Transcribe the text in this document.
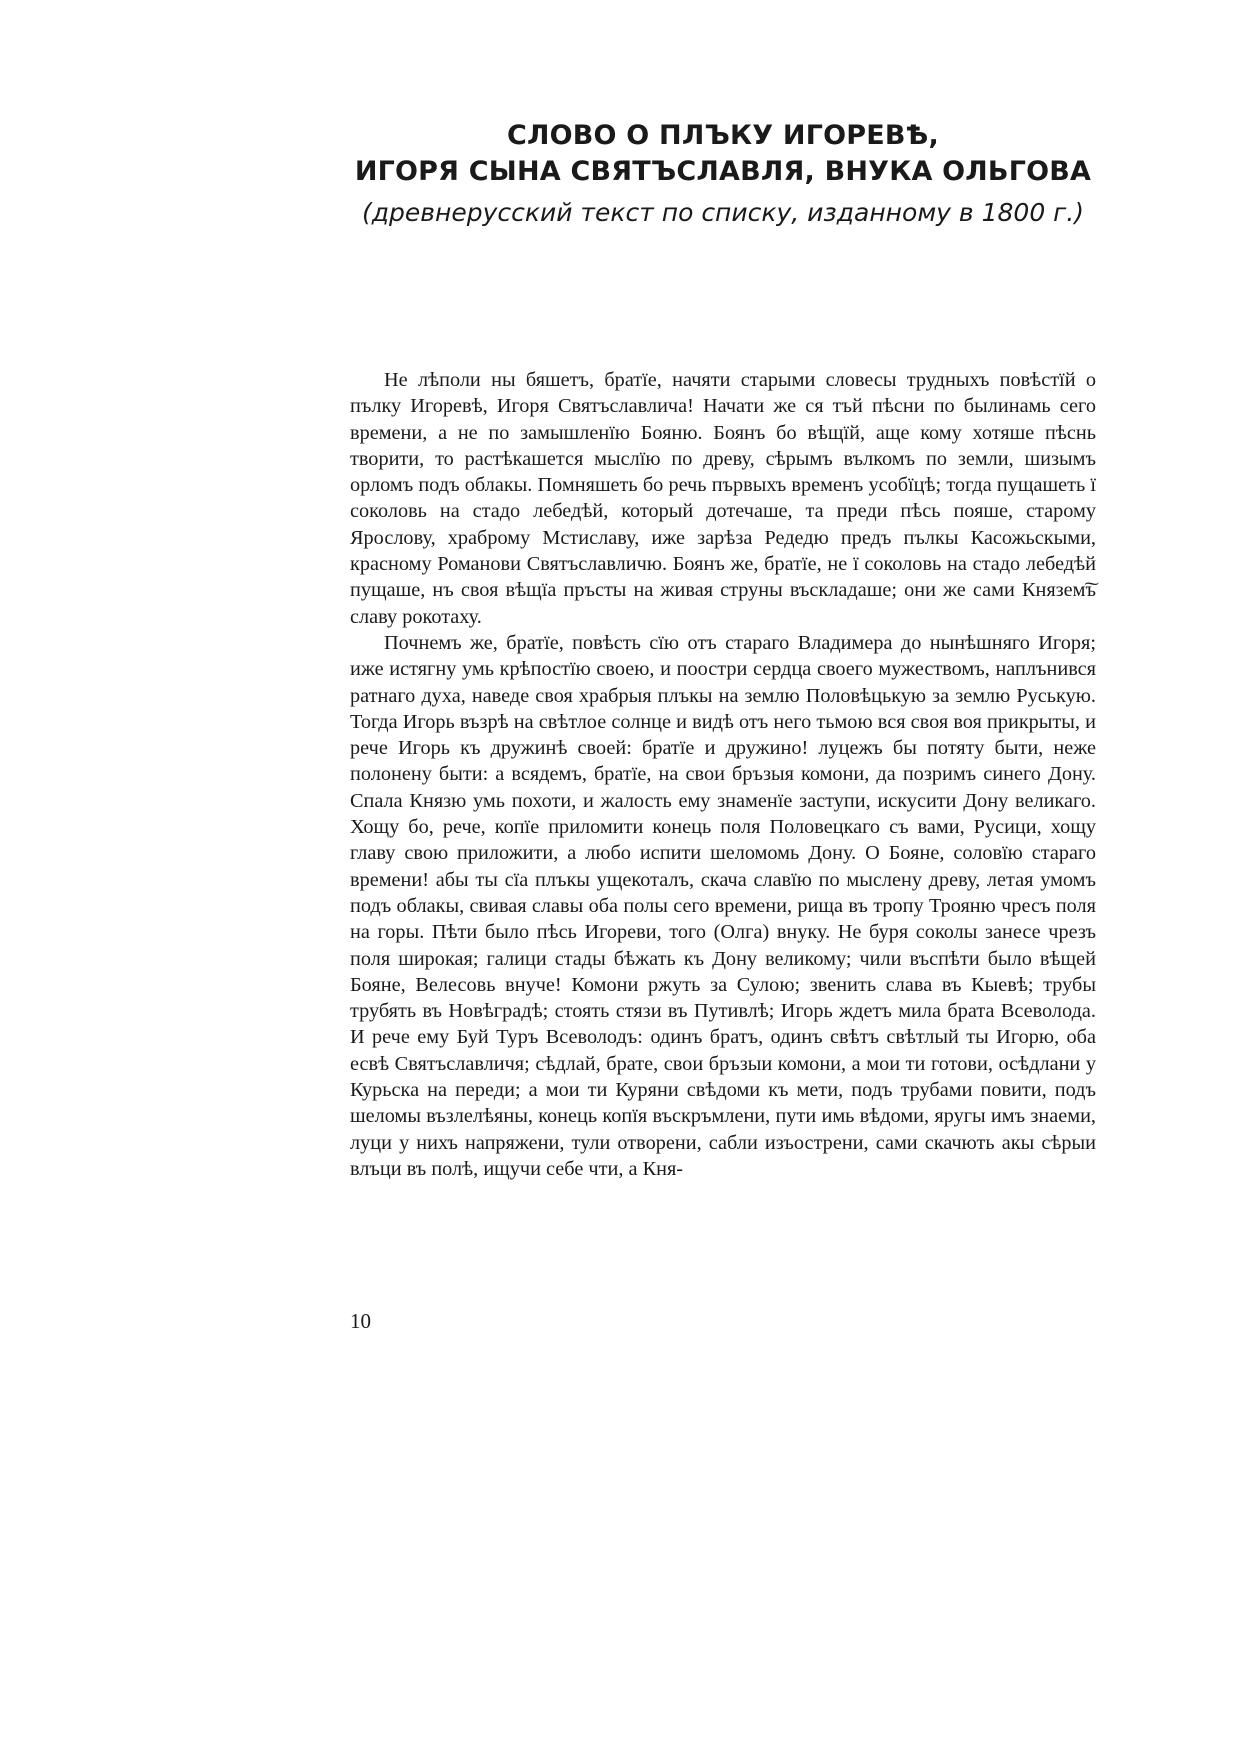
СЛОВО О ПЛЪКУ ИГОРЕВѢ,
ИГОРЯ СЫНА СВЯТЪСЛАВЛЯ, ВНУКА ОЛЬГОВА
(древнерусский текст по списку, изданному в 1800 г.)

Не лѣполи ны бяшетъ, братїе, начяти старыми словесы трудныхъ повѣстїй о пълку Игоревѣ, Игоря Святъславлича! Начати же ся тъй пѣсни по былинамь сего времени, а не по замышленїю Бояню. Боянъ бо вѣщїй, аще кому хотяше пѣснь творити, то растѣкашется мыслїю по древу, сѣрымъ вълкомъ по земли, шизымъ орломъ подъ облакы. Помняшеть бо речь първыхъ временъ усобїцѣ; тогда пущашеть ї соколовь на стадо лебедѣй, который дотечаше, та преди пѣсь пояше, старому Ярослову, храброму Мстиславу, иже зарѣза Редедю предъ пълкы Касожьскыми, красному Романови Святъславличю. Боянъ же, братїе, не ї соколовь на стадо лебедѣй пущаше, нъ своя вѣщїа пръсты на живая струны въскладаше; они же сами Князем͠ъ славу рокотаху.

Почнемъ же, братїе, повѣсть сїю отъ стараго Владимера до нынѣшняго Игоря; иже истягну умь крѣпостїю своею, и поостри сердца своего мужествомъ, наплънився ратнаго духа, наведе своя храбрыя плъкы на землю Половѣцькую за землю Руськую. Тогда Игорь възрѣ на свѣтлое солнце и видѣ отъ него тьмою вся своя воя прикрыты, и рече Игорь къ дружинѣ своей: братїе и дружино! луцежъ бы потяту быти, неже полонену быти: а всядемъ, братїе, на свои бръзыя комони, да позримъ синего Дону. Спала Князю умь похоти, и жалость ему знаменїе заступи, искусити Дону великаго. Хощу бо, рече, копїе приломити конець поля Половецкаго съ вами, Русици, хощу главу свою приложити, а любо испити шеломомь Дону. О Бояне, соловїю стараго времени! абы ты сїа плъкы ущекоталъ, скача славїю по мыслену древу, летая умомъ подъ облакы, свивая славы оба полы сего времени, рища въ тропу Трояню чресъ поля на горы. Пѣти было пѣсь Игореви, того (Олга) внуку. Не буря соколы занесе чрезъ поля широкая; галици стады бѣжать къ Дону великому; чили въспѣти было вѣщей Бояне, Велесовь внуче! Комони ржуть за Сулою; звенить слава въ Кыевѣ; трубы трубять въ Новѣградѣ; стоять стязи въ Путивлѣ; Игорь ждетъ мила брата Всеволода. И рече ему Буй Туръ Всеволодъ: одинъ братъ, одинъ свѣтъ свѣтлый ты Игорю, оба есвѣ Святъславличя; сѣдлай, брате, свои бръзыи комони, а мои ти готови, осѣдлани у Курьска на переди; а мои ти Куряни свѣдоми къ мети, подъ трубами повити, подъ шеломы възлелѣяны, конець копїя въскръмлени, пути имь вѣдоми, яругы имъ знаеми, луци у нихъ напряжени, тули отворени, сабли изъострени, сами скачють акы сѣрыи влъци въ полѣ, ищучи себе чти, а Кня-

10
